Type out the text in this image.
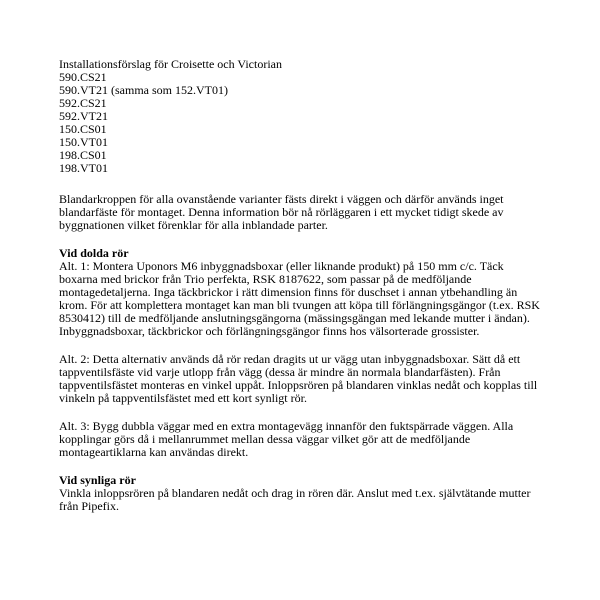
Installationsförslag för Croisette och Victorian
590.CS21
590.VT21 (samma som 152.VT01)
592.CS21
592.VT21
150.CS01
150.VT01
198.CS01
198.VT01
Blandarkroppen för alla ovanstående varianter fästs direkt i väggen och därför används inget
blandarfäste för montaget. Denna information bör nå rörläggaren i ett mycket tidigt skede av
byggnationen vilket förenklar för alla inblandade parter.
Vid dolda rör
Alt. 1: Montera Uponors M6 inbyggnadsboxar (eller liknande produkt) på 150 mm c/c. Täck
boxarna med brickor från Trio perfekta, RSK 8187622, som passar på de medföljande
montagedetaljerna. Inga täckbrickor i rätt dimension finns för duschset i annan ytbehandling än
krom. För att komplettera montaget kan man bli tvungen att köpa till förlängningsgängor (t.ex. RSK
8530412) till de medföljande anslutningsgängorna (mässingsgängan med lekande mutter i ändan).
Inbyggnadsboxar, täckbrickor och förlängningsgängor finns hos välsorterade grossister.
Alt. 2: Detta alternativ används då rör redan dragits ut ur vägg utan inbyggnadsboxar. Sätt då ett
tappventilsfäste vid varje utlopp från vägg (dessa är mindre än normala blandarfästen). Från
tappventilsfästet monteras en vinkel uppåt. Inloppsrören på blandaren vinklas nedåt och kopplas till
vinkeln på tappventilsfästet med ett kort synligt rör.
Alt. 3: Bygg dubbla väggar med en extra montagevägg innanför den fuktspärrade väggen. Alla
kopplingar görs då i mellanrummet mellan dessa väggar vilket gör att de medföljande
montageartiklarna kan användas direkt.
Vid synliga rör
Vinkla inloppsrören på blandaren nedåt och drag in rören där. Anslut med t.ex. självtätande mutter
från Pipefix.
